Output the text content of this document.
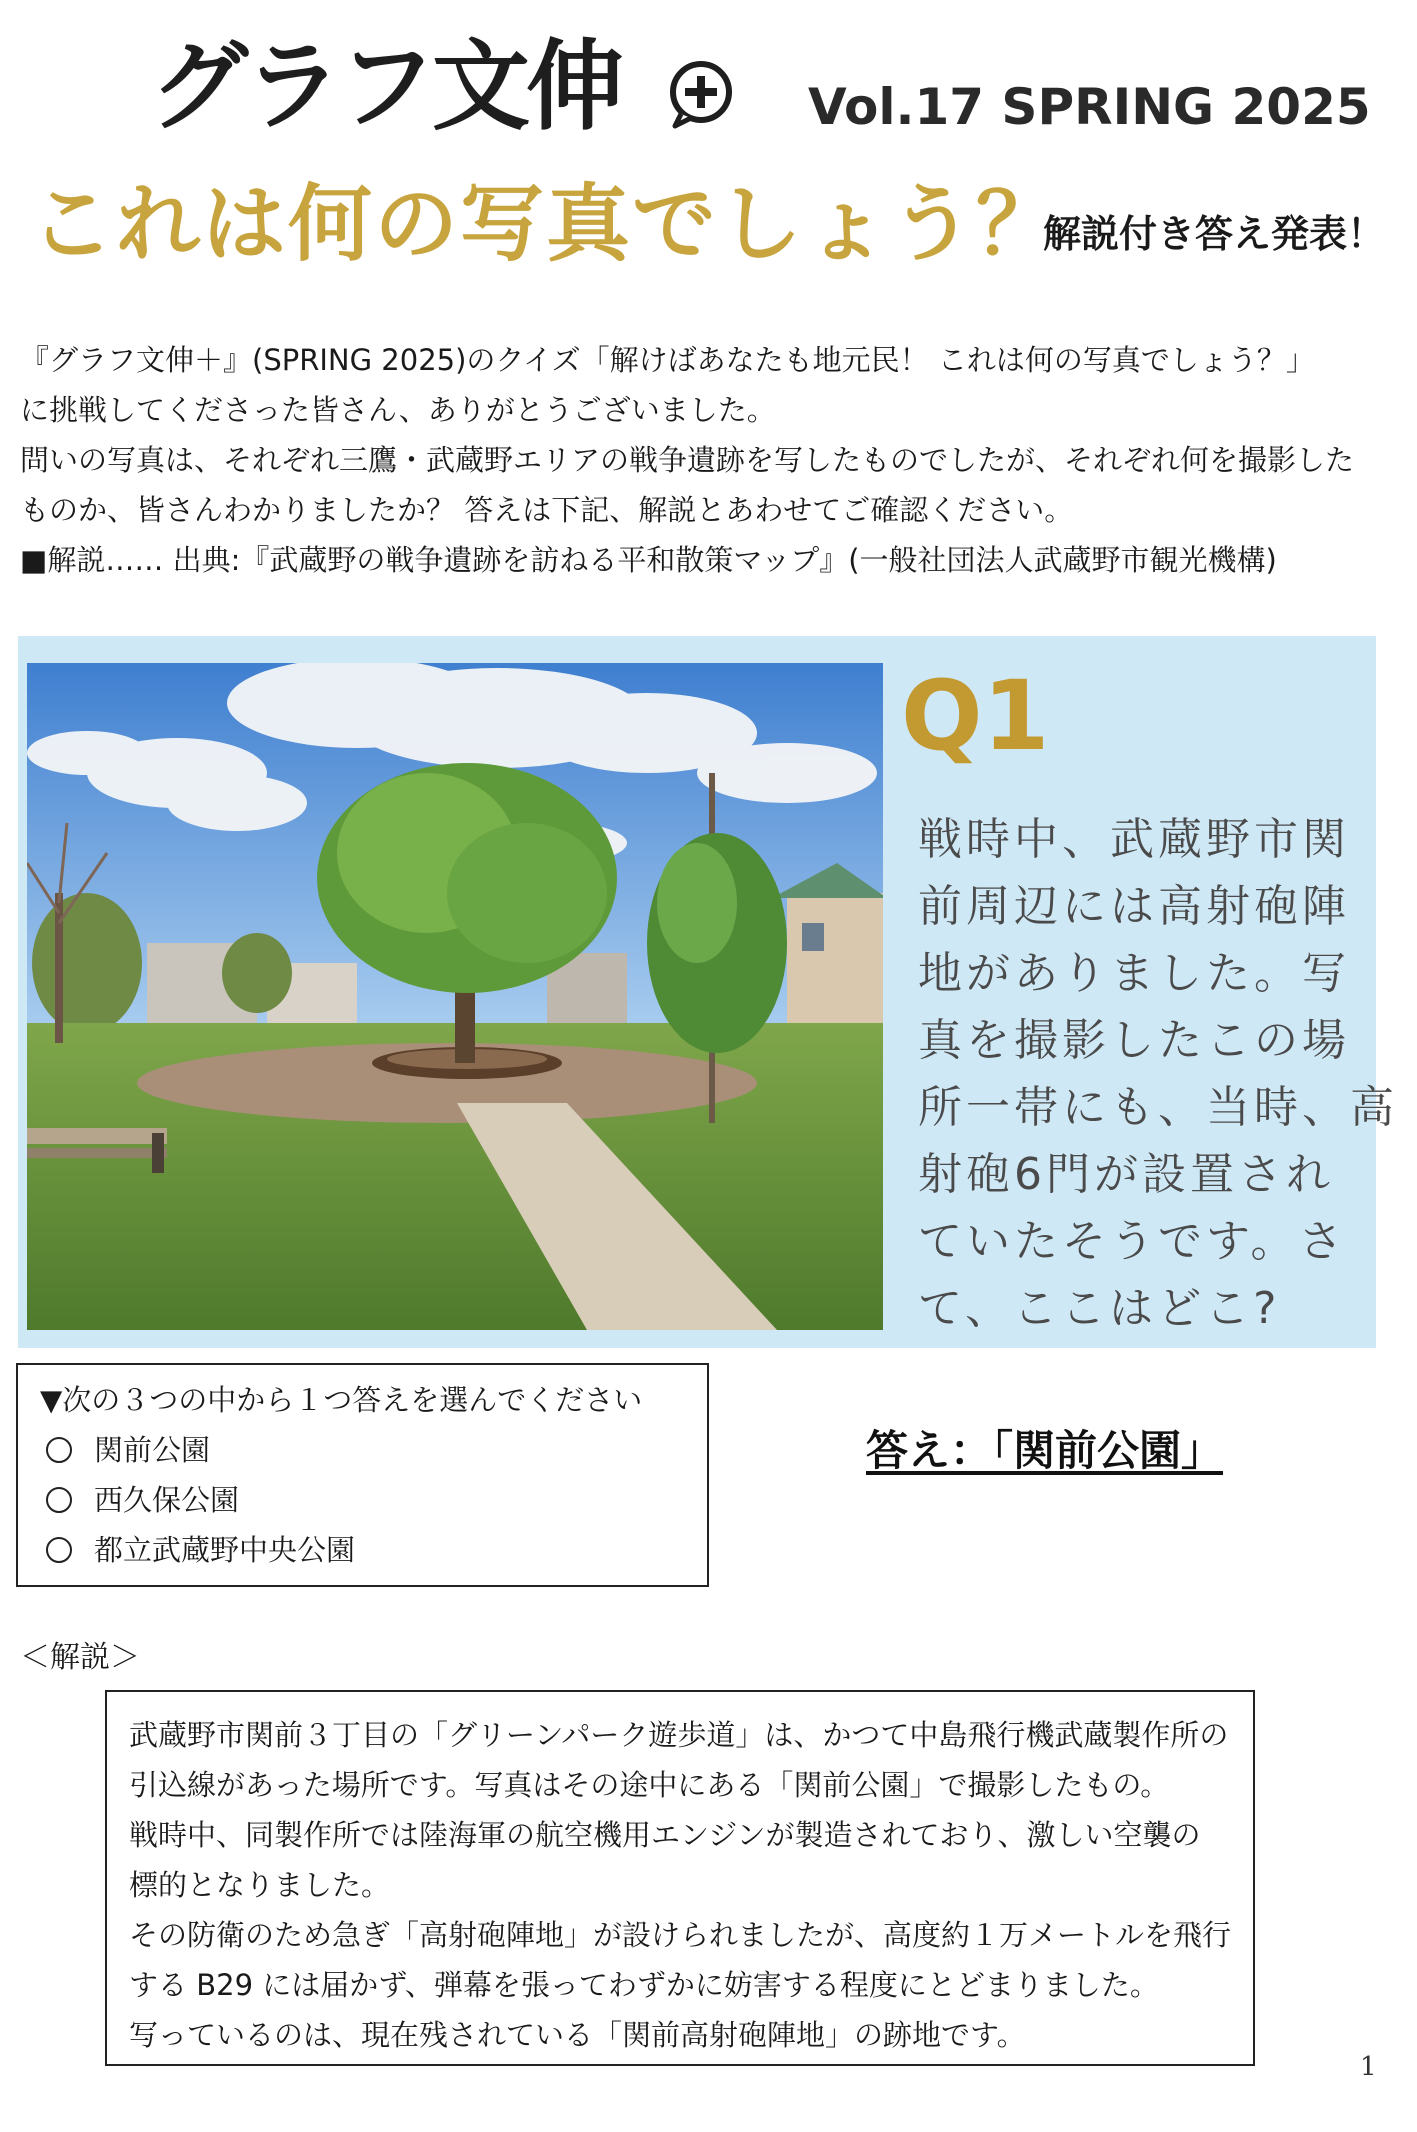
グラフ文伸	Vol.17 SPRING 2025
これは何の写真でしょう？
解説付き答え発表！

『グラフ文伸＋』(SPRING 2025)のクイズ「解けばあなたも地元民！ これは何の写真でしょう？」

に挑戦してくださった皆さん、ありがとうございました。

問いの写真は、それぞれ三鷹・武蔵野エリアの戦争遺跡を写したものでしたが、それぞれ何を撮影した

ものか、皆さんわかりましたか？ 答えは下記、解説とあわせてご確認ください。

■解説…… 出典:『武蔵野の戦争遺跡を訪ねる平和散策マップ』(一般社団法人武蔵野市観光機構)

Q1
戦時中、武蔵野市関
前周辺には高射砲陣
地がありました。写
真を撮影したこの場
所一帯にも、当時、高
射砲6門が設置され
ていたそうです。さ
て、ここはどこ?
▼次の３つの中から１つ答えを選んでください
関前公園
西久保公園
都立武蔵野中央公園
答え：「関前公園」
＜解説＞

武蔵野市関前３丁目の「グリーンパーク遊歩道」は、かつて中島飛行機武蔵製作所の

引込線があった場所です。写真はその途中にある「関前公園」で撮影したもの。

戦時中、同製作所では陸海軍の航空機用エンジンが製造されており、激しい空襲の

標的となりました。

その防衛のため急ぎ「高射砲陣地」が設けられましたが、高度約１万メートルを飛行

する B29 には届かず、弾幕を張ってわずかに妨害する程度にとどまりました。

写っているのは、現在残されている「関前高射砲陣地」の跡地です。

1
